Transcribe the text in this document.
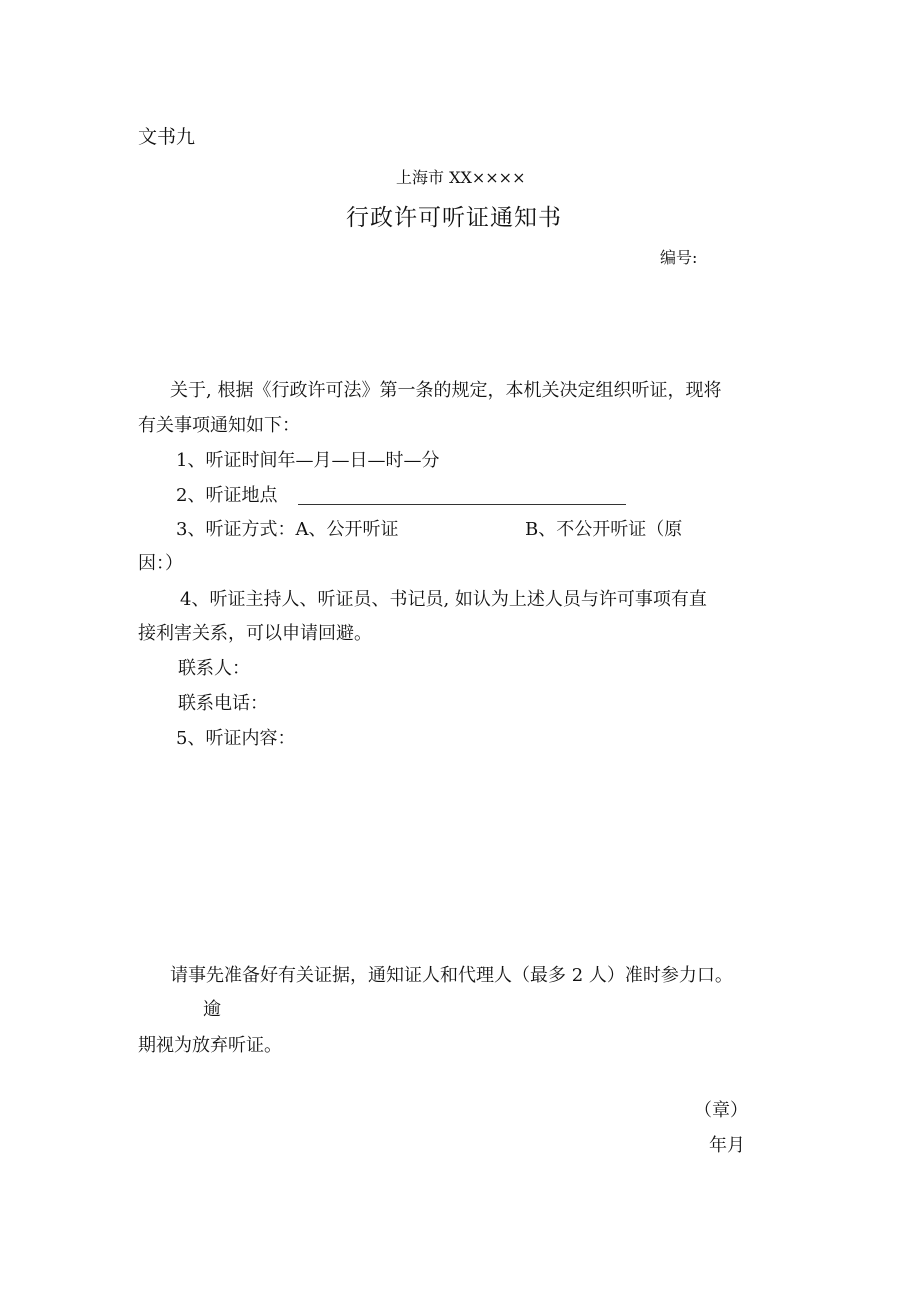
文书九
上海市 XX××××
行政许可听证通知书
编号:
关于, 根据《行政许可法》第一条的规定，本机关决定组织听证，现将
有关事项通知如下：
1、听证时间年—月—日—时—分
2、听证地点
3、听证方式：A、公开听证	B、不公开听证（原
因：）
4、听证主持人、听证员、书记员, 如认为上述人员与许可事项有直
接利害关系，可以申请回避。
联系人：
联系电话：
5、听证内容：
请事先准备好有关证据，通知证人和代理人（最多 2 人）准时参力口。
逾
期视为放弃听证。
（章）
年月
